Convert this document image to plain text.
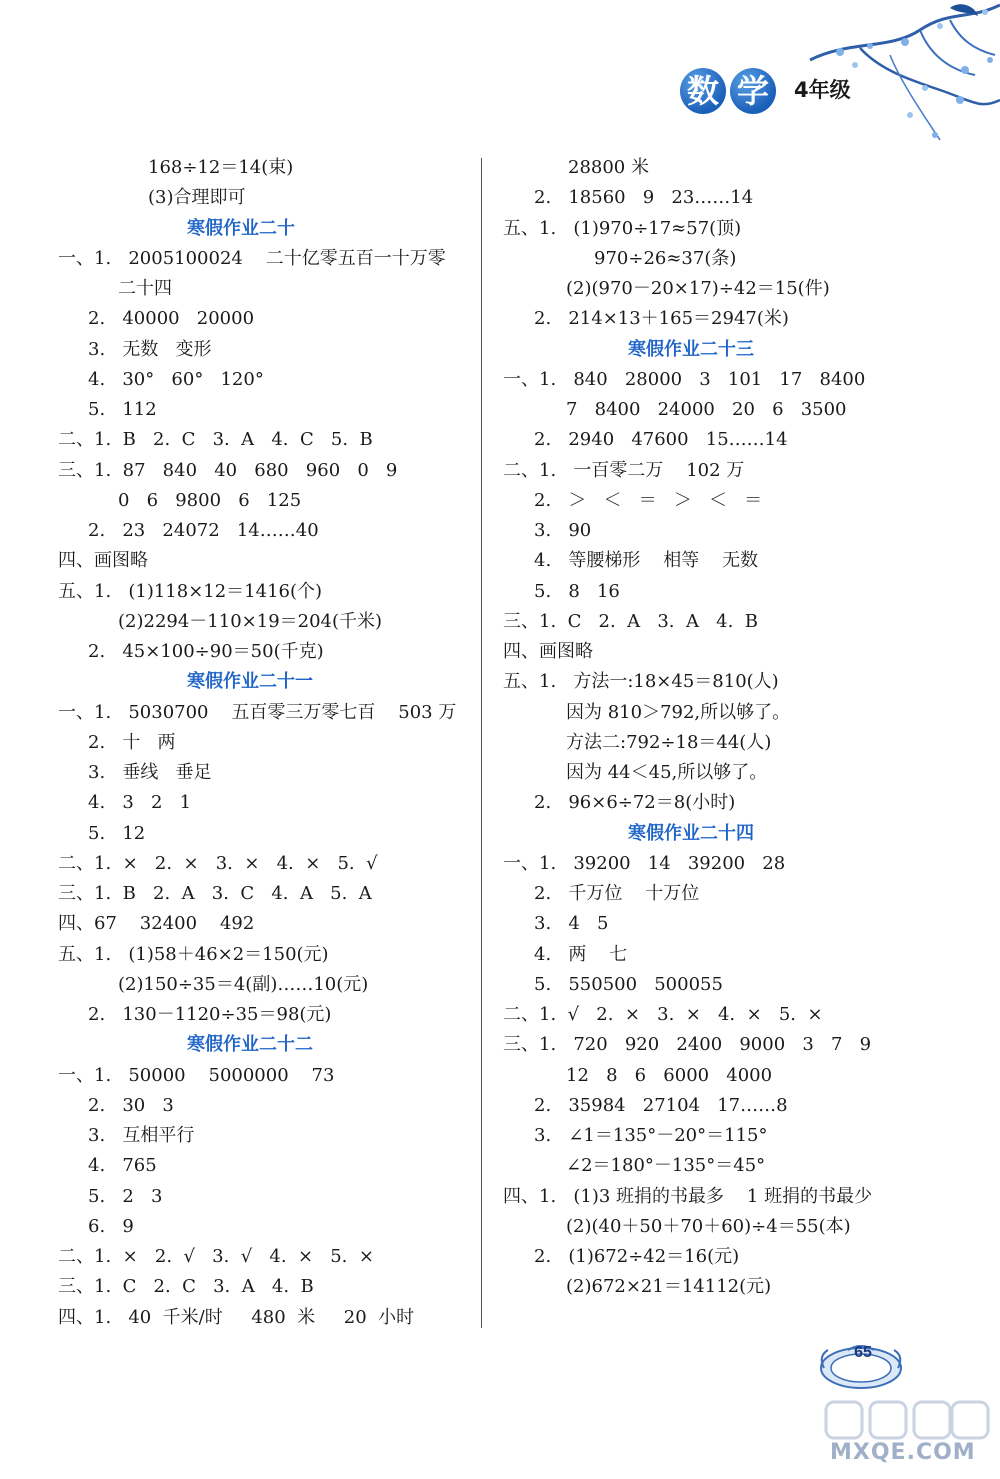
数 学	4年级
168÷12＝14(束)
(3)合理即可
寒假作业二十
一、1.   2005100024    二十亿零五百一十万零
二十四
2.   40000   20000
3.   无数   变形
4.   30°   60°   120°
5.   112
二、1.  B   2.  C   3.  A   4.  C   5.  B
三、1.  87   840   40   680   960   0   9
0   6   9800   6   125
2.   23   24072   14……40
四、画图略
五、1.   (1)118×12＝1416(个)
(2)2294－110×19＝204(千米)
2.   45×100÷90＝50(千克)
寒假作业二十一
一、1.   5030700    五百零三万零七百    503 万
2.   十   两
3.   垂线   垂足
4.   3   2   1
5.   12
二、1.  ×   2.  ×   3.  ×   4.  ×   5.  √
三、1.  B   2.  A   3.  C   4.  A   5.  A
四、67    32400    492
五、1.   (1)58＋46×2＝150(元)
(2)150÷35＝4(副)……10(元)
2.   130－1120÷35＝98(元)
寒假作业二十二
一、1.   50000    5000000    73
2.   30   3
3.   互相平行
4.   765
5.   2   3
6.   9
二、1.  ×   2.  √   3.  √   4.  ×   5.  ×
三、1.  C   2.  C   3.  A   4.  B
四、1.   40  千米/时     480  米     20  小时
28800 米
2.   18560   9   23……14
五、1.   (1)970÷17≈57(顶)
970÷26≈37(条)
(2)(970－20×17)÷42＝15(件)
2.   214×13＋165＝2947(米)
寒假作业二十三
一、1.   840   28000   3   101   17   8400
7   8400   24000   20   6   3500
2.   2940   47600   15……14
二、1.   一百零二万    102 万
2.   ＞   ＜   ＝   ＞   ＜   ＝
3.   90
4.   等腰梯形    相等    无数
5.   8   16
三、1.  C   2.  A   3.  A   4.  B
四、画图略
五、1.   方法一:18×45＝810(人)
因为 810＞792,所以够了。
方法二:792÷18＝44(人)
因为 44＜45,所以够了。
2.   96×6÷72＝8(小时)
寒假作业二十四
一、1.   39200   14   39200   28
2.   千万位    十万位
3.   4   5
4.   两    七
5.   550500   500055
二、1.  √   2.  ×   3.  ×   4.  ×   5.  ×
三、1.   720   920   2400   9000   3   7   9
12   8   6   6000   4000
2.   35984   27104   17……8
3.   ∠1＝135°－20°＝115°
∠2＝180°－135°＝45°
四、1.   (1)3 班捐的书最多    1 班捐的书最少
(2)(40＋50＋70＋60)÷4＝55(本)
2.   (1)672÷42＝16(元)
(2)672×21＝14112(元)
65
MXQE.COM
